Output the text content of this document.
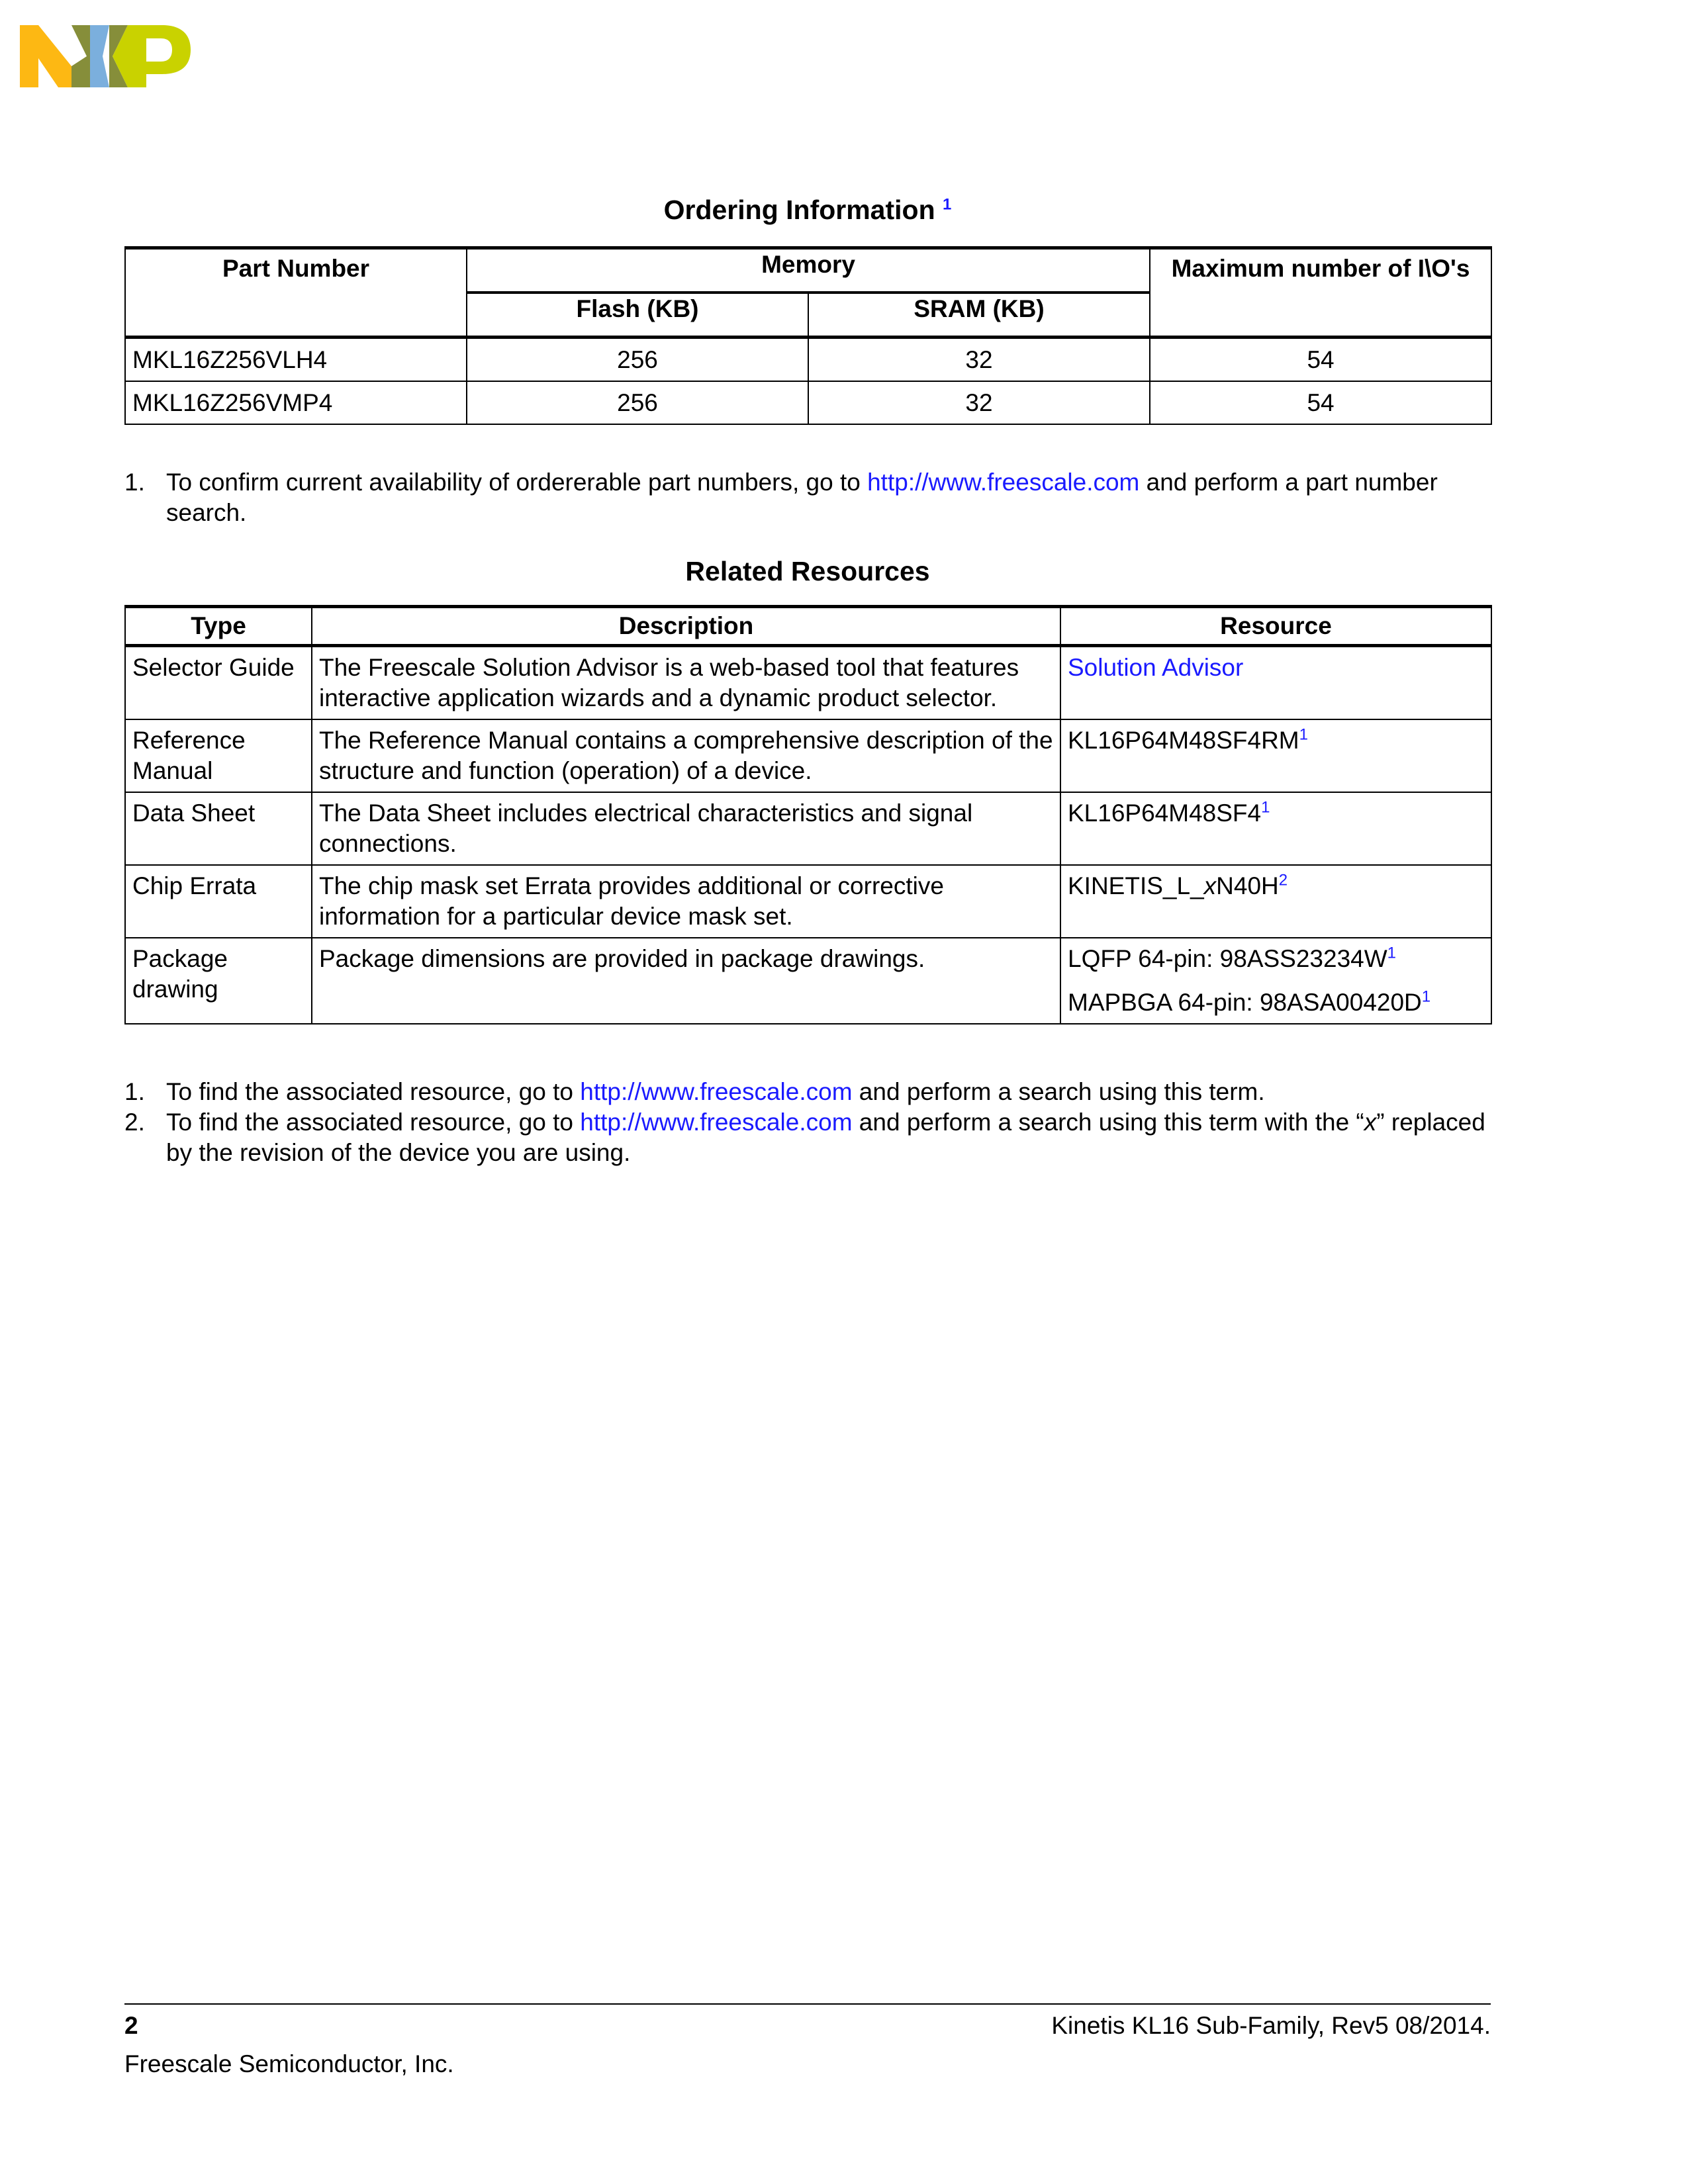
Ordering Information $^1$
Part Number	Memory		Maximum number of I\O's
	Flash (KB)	SRAM (KB)	
MKL16Z256VLH4	256	32	54
MKL16Z256VMP4	256	32	54
1. To confirm current availability of ordererable part numbers, go to http://www.freescale.com and perform a part number search.
Related Resources
Type	Description	Resource
Selector Guide	The Freescale Solution Advisor is a web-based tool that features interactive application wizards and a dynamic product selector.	Solution Advisor
Reference Manual	The Reference Manual contains a comprehensive description of the structure and function (operation) of a device.	KL16P64M48SF4RM$^1$
Data Sheet	The Data Sheet includes electrical characteristics and signal connections.	KL16P64M48SF4$^1$
Chip Errata	The chip mask set Errata provides additional or corrective information for a particular device mask set.	KINETIS_L_xN40H$^2$
Package drawing	Package dimensions are provided in package drawings.	LQFP 64-pin: 98ASS23234W$^1$
MAPBGA 64-pin: 98ASA00420D$^1$
1. To find the associated resource, go to http://www.freescale.com and perform a search using this term.
2. To find the associated resource, go to http://www.freescale.com and perform a search using this term with the “x” replaced by the revision of the device you are using.
2	Kinetis KL16 Sub-Family, Rev5 08/2014.
Freescale Semiconductor, Inc.
